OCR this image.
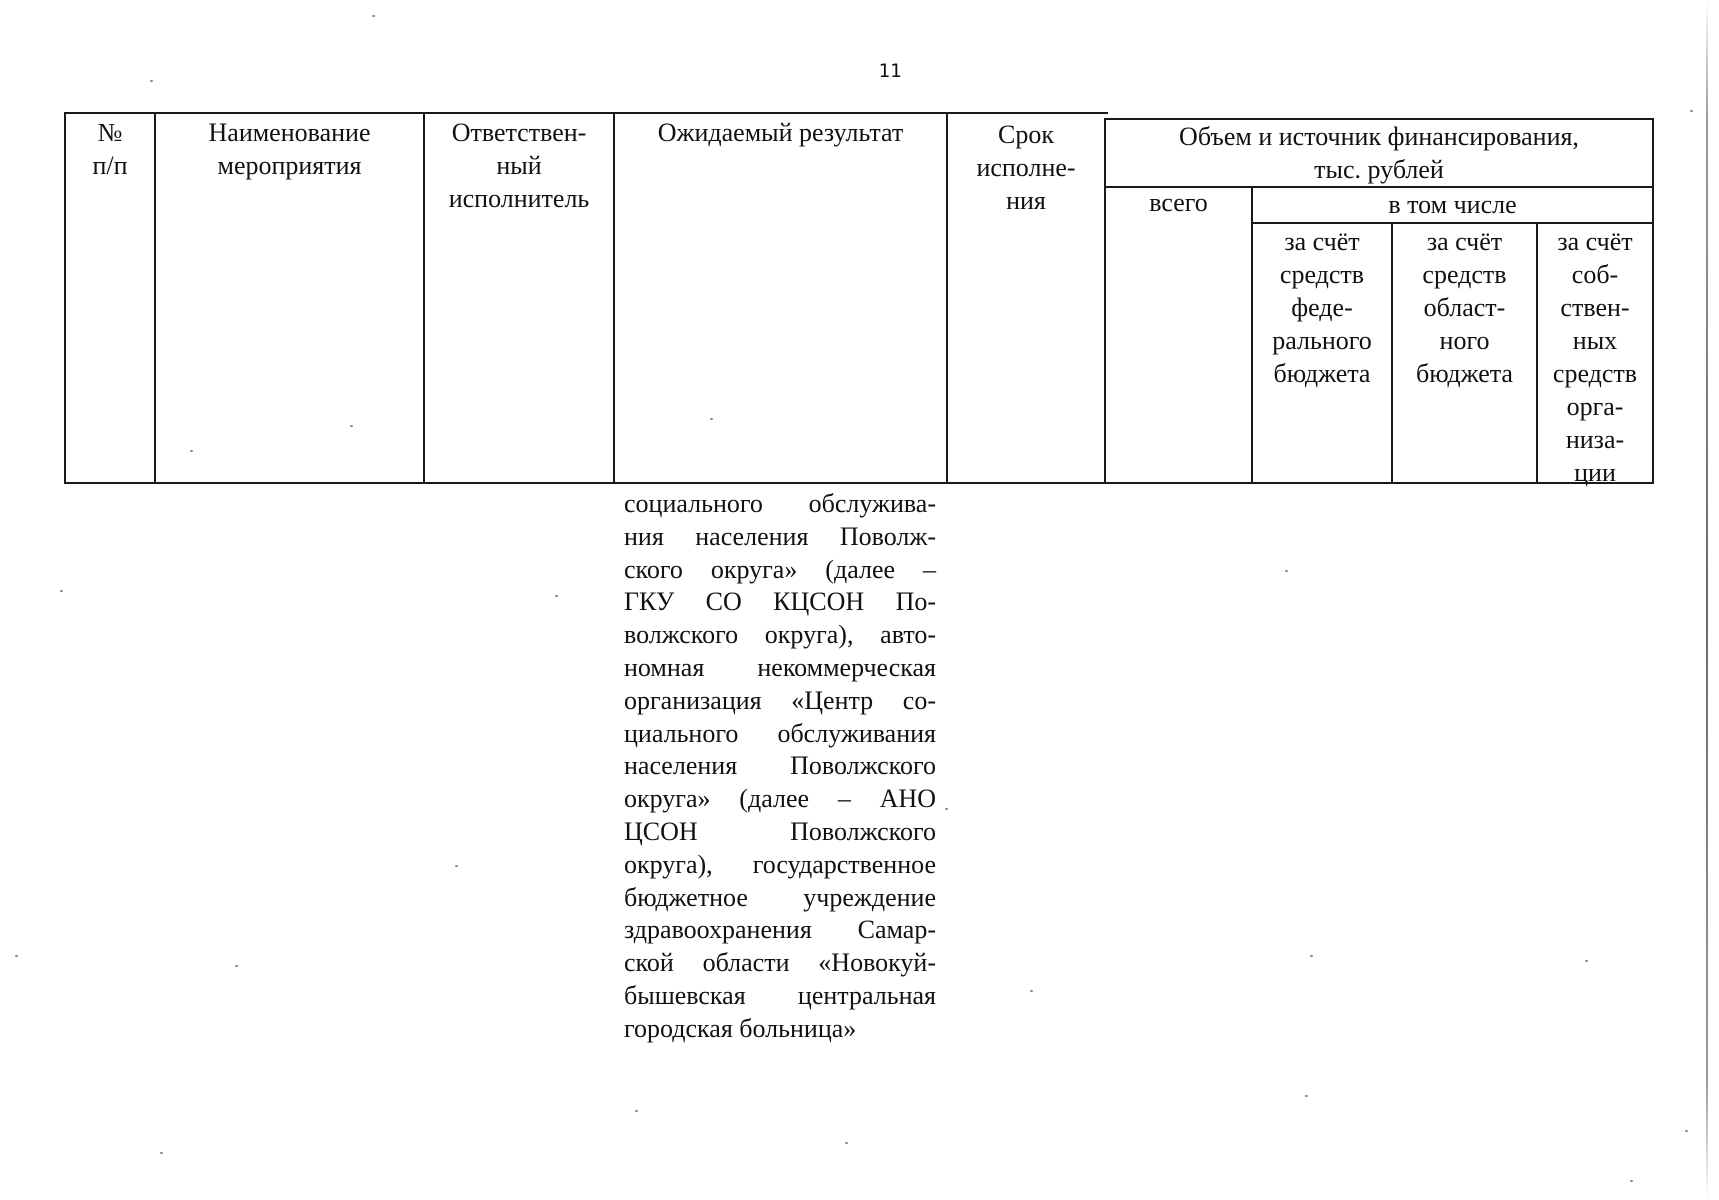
11
№
п/п
Наименование
мероприятия
Ответствен-
ный
исполнитель
Ожидаемый результат	Срок
исполне-
ния
Объем и источник финансирования,
тыс. рублей
всего	в том числе
за счёт
средств
феде-
рального
бюджета
за счёт
средств
област-
ного
бюджета
за счёт
соб-
ствен-
ных
средств
орга-
низа-
ции
социального обслужива-
ния населения Поволж-
ского округа» (далее –
ГКУ СО КЦСОН По-
волжского округа), авто-
номная некоммерческая
организация «Центр со-
циального обслуживания
населения Поволжского
округа» (далее – АНО
ЦСОН Поволжского
округа), государственное
бюджетное учреждение
здравоохранения Самар-
ской области «Новокуй-
бышевская центральная
городская больница»
